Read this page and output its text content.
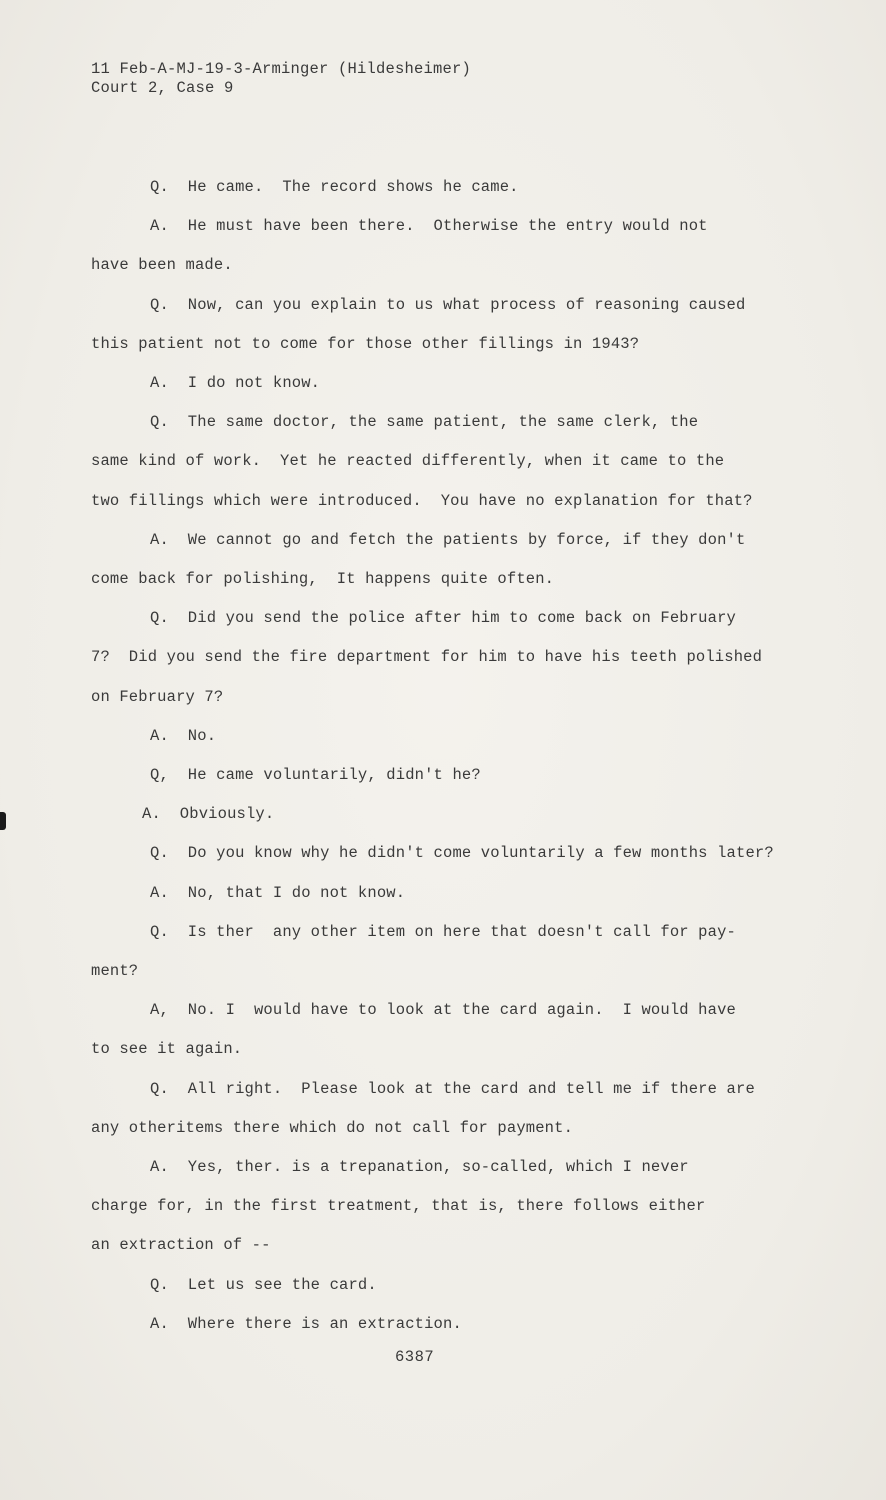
11 Feb-A-MJ-19-3-Arminger (Hildesheimer)
Court 2, Case 9
Q.  He came.  The record shows he came.
A.  He must have been there.  Otherwise the entry would not
have been made.
Q.  Now, can you explain to us what process of reasoning caused
this patient not to come for those other fillings in 1943?
A.  I do not know.
Q.  The same doctor, the same patient, the same clerk, the
same kind of work.  Yet he reacted differently, when it came to the
two fillings which were introduced.  You have no explanation for that?
A.  We cannot go and fetch the patients by force, if they don't
come back for polishing,  It happens quite often.
Q.  Did you send the police after him to come back on February
7?  Did you send the fire department for him to have his teeth polished
on February 7?
A.  No.
Q,  He came voluntarily, didn't he?
A.  Obviously.
Q.  Do you know why he didn't come voluntarily a few months later?
A.  No, that I do not know.
Q.  Is ther  any other item on here that doesn't call for pay-
ment?
A,  No. I  would have to look at the card again.  I would have
to see it again.
Q.  All right.  Please look at the card and tell me if there are
any otheritems there which do not call for payment.
A.  Yes, ther. is a trepanation, so-called, which I never
charge for, in the first treatment, that is, there follows either
an extraction of --
Q.  Let us see the card.
A.  Where there is an extraction.
6387
